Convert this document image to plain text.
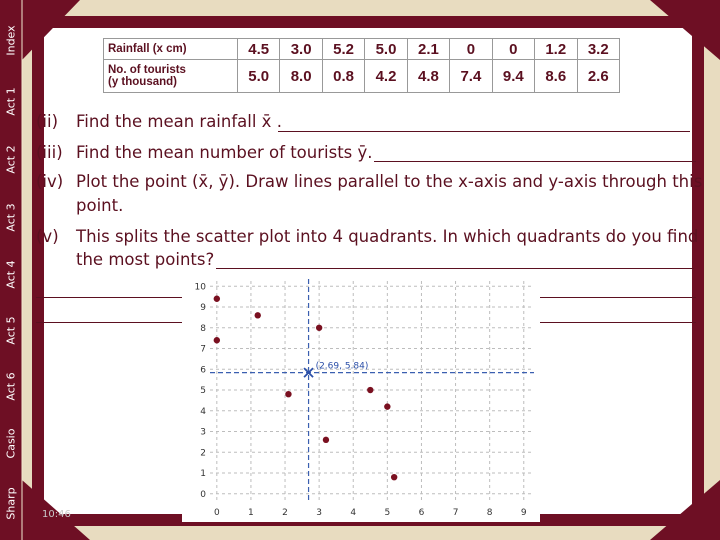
Index
Act 1
Act 2
Act 3
Act 4
Act 5
Act 6
Casio
Sharp
Rainfall (x cm)	4.5	3.0	5.2	5.0	2.1	0	0	1.2	3.2

No. of tourists
(y thousand)	5.0	8.0	0.8	4.2	4.8	7.4	9.4	8.6	2.6
(ii) Find the mean rainfall x̄ .
(iii) Find the mean number of tourists ȳ.
(iv) Plot the point (x̄, ȳ). Draw lines parallel to the x-axis and y-axis through this
point.
(v) This splits the scatter plot into 4 quadrants. In which quadrants do you find
the most points?
0	1	2	3	4	5	6	7	8	9
0
1
2
3
4
5
6
7
8
9
10
(2.69, 5.84)
10:46
